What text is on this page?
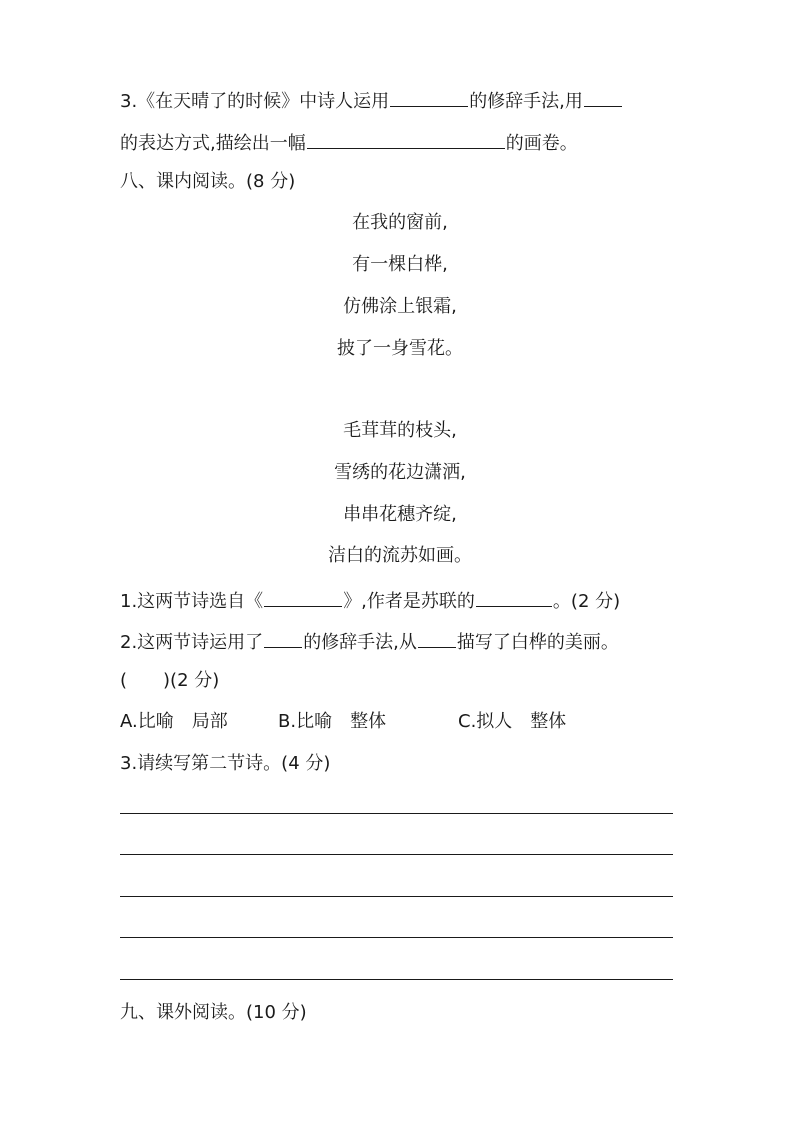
3.《在天晴了的时候》中诗人运用	的修辞手法,用
的表达方式,描绘出一幅	的画卷。
八、课内阅读。(8 分)
在我的窗前,
有一棵白桦,
仿佛涂上银霜,
披了一身雪花。
毛茸茸的枝头,
雪绣的花边潇洒,
串串花穗齐绽,
洁白的流苏如画。
1.这两节诗选自《	》,作者是苏联的	。(2 分)
2.这两节诗运用了 的修辞手法,从 描写了白桦的美丽。
(　　)(2 分)
A.比喻　局部	B.比喻　整体	C.拟人　整体
3.请续写第二节诗。(4 分)
九、课外阅读。(10 分)
